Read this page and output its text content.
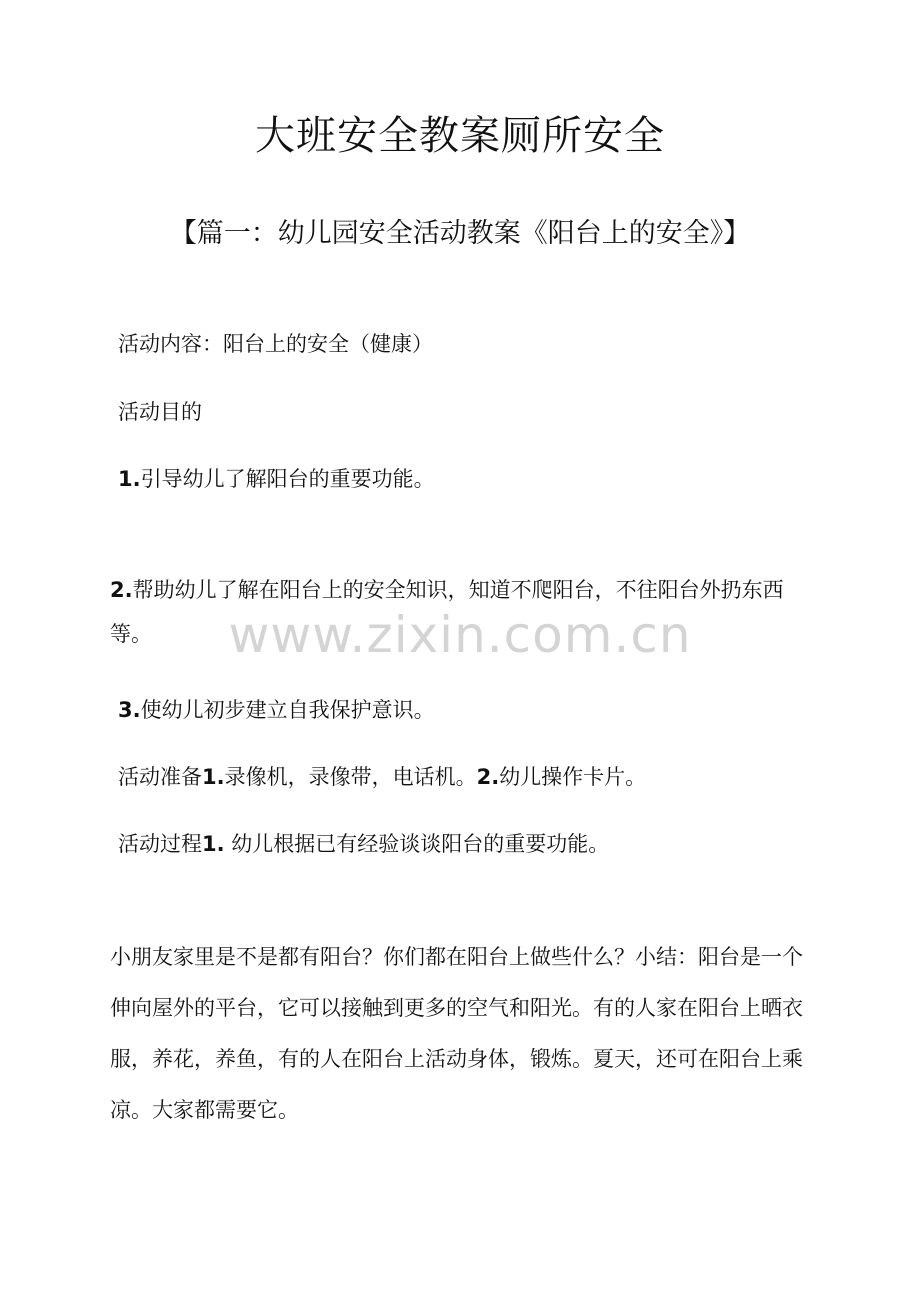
大班安全教案厕所安全
【篇一：幼儿园安全活动教案《阳台上的安全》】

活动内容：阳台上的安全（健康）

活动目的

1.引导幼儿了解阳台的重要功能。

2.帮助幼儿了解在阳台上的安全知识，知道不爬阳台，不往阳台外扔东西等。	www.zixin.com.cn

3.使幼儿初步建立自我保护意识。

活动准备1.录像机，录像带，电话机。2.幼儿操作卡片。

活动过程1. 幼儿根据已有经验谈谈阳台的重要功能。

小朋友家里是不是都有阳台？你们都在阳台上做些什么？小结：阳台是一个伸向屋外的平台，它可以接触到更多的空气和阳光。有的人家在阳台上晒衣服，养花，养鱼，有的人在阳台上活动身体，锻炼。夏天，还可在阳台上乘凉。大家都需要它。
